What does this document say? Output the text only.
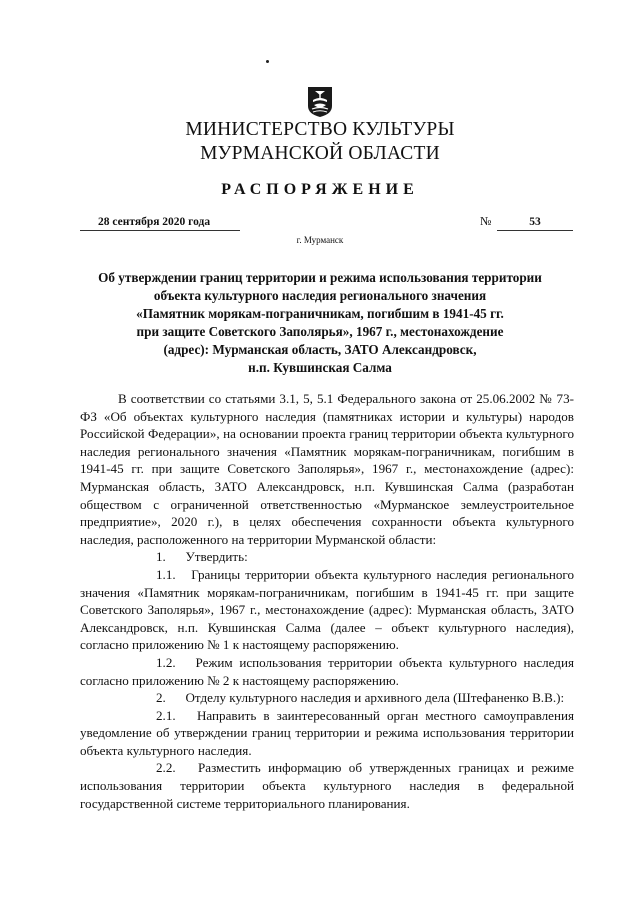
МИНИСТЕРСТВО КУЛЬТУРЫ
МУРМАНСКОЙ ОБЛАСТИ
РАСПОРЯЖЕНИЕ
28 сентября 2020 года	№	53
г. Мурманск
Об утверждении границ территории и режима использования территории
объекта культурного наследия регионального значения
«Памятник морякам-пограничникам, погибшим в 1941-45 гг.
при защите Советского Заполярья», 1967 г., местонахождение
(адрес): Мурманская область, ЗАТО Александровск,
н.п. Кувшинская Салма

В соответствии со статьями 3.1, 5, 5.1 Федерального закона от 25.06.2002 № 73-ФЗ «Об объектах культурного наследия (памятниках истории и культуры) народов Российской Федерации», на основании проекта границ территории объекта культурного наследия регионального значения «Памятник морякам-пограничникам, погибшим в 1941-45 гг. при защите Советского Заполярья», 1967 г., местонахождение (адрес): Мурманская область, ЗАТО Александровск, н.п. Кувшинская Салма (разработан обществом с ограниченной ответственностью «Мурманское землеустроительное предприятие», 2020 г.), в целях обеспечения сохранности объекта культурного наследия, расположенного на территории Мурманской области:

1. Утвердить:

1.1. Границы территории объекта культурного наследия регионального значения «Памятник морякам-пограничникам, погибшим в 1941-45 гг. при защите Советского Заполярья», 1967 г., местонахождение (адрес): Мурманская область, ЗАТО Александровск, н.п. Кувшинская Салма (далее – объект культурного наследия), согласно приложению № 1 к настоящему распоряжению.

1.2. Режим использования территории объекта культурного наследия согласно приложению № 2 к настоящему распоряжению.

2. Отделу культурного наследия и архивного дела (Штефаненко В.В.):

2.1. Направить в заинтересованный орган местного самоуправления уведомление об утверждении границ территории и режима использования территории объекта культурного наследия.

2.2. Разместить информацию об утвержденных границах и режиме использования территории объекта культурного наследия в федеральной государственной системе территориального планирования.
